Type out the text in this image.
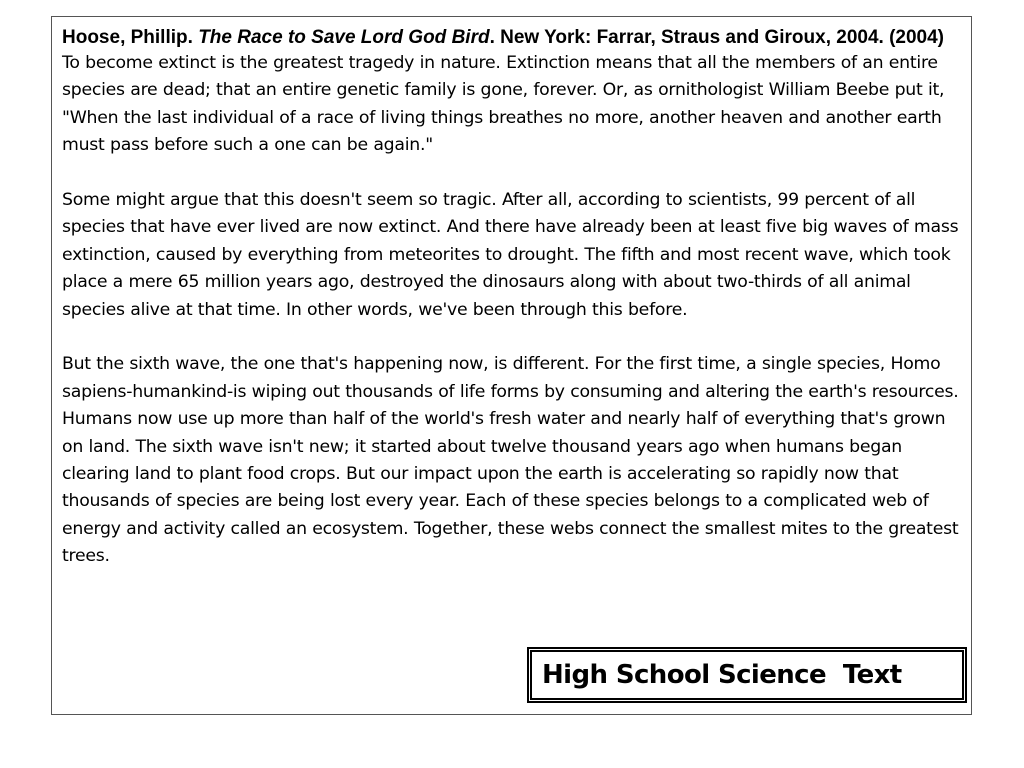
Hoose, Phillip. The Race to Save Lord God Bird. New York: Farrar, Straus and Giroux, 2004. (2004)

To become extinct is the greatest tragedy in nature. Extinction means that all the members of an entire species are dead; that an entire genetic family is gone, forever. Or, as ornithologist William Beebe put it, "When the last individual of a race of living things breathes no more, another heaven and another earth must pass before such a one can be again."

Some might argue that this doesn't seem so tragic. After all, according to scientists, 99 percent of all species that have ever lived are now extinct. And there have already been at least five big waves of mass extinction, caused by everything from meteorites to drought. The fifth and most recent wave, which took place a mere 65 million years ago, destroyed the dinosaurs along with about two-thirds of all animal species alive at that time. In other words, we've been through this before.

But the sixth wave, the one that's happening now, is different. For the first time, a single species, Homo sapiens-humankind-is wiping out thousands of life forms by consuming and altering the earth's resources. Humans now use up more than half of the world's fresh water and nearly half of everything that's grown on land. The sixth wave isn't new; it started about twelve thousand years ago when humans began clearing land to plant food crops. But our impact upon the earth is accelerating so rapidly now that thousands of species are being lost every year. Each of these species belongs to a complicated web of energy and activity called an ecosystem. Together, these webs connect the smallest mites to the greatest trees.

High School Science  Text
